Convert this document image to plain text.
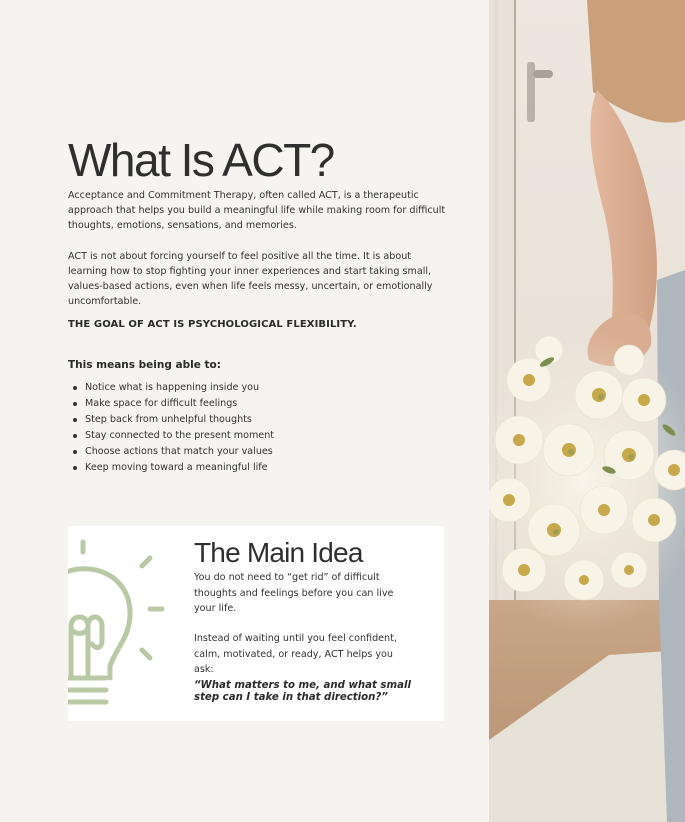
What Is ACT?

Acceptance and Commitment Therapy, often called ACT, is a therapeutic approach that helps you build a meaningful life while making room for difficult thoughts, emotions, sensations, and memories.

ACT is not about forcing yourself to feel positive all the time. It is about learning how to stop fighting your inner experiences and start taking small, values-based actions, even when life feels messy, uncertain, or emotionally uncomfortable.

THE GOAL OF ACT IS PSYCHOLOGICAL FLEXIBILITY.

This means being able to:

Notice what is happening inside you
Make space for difficult feelings
Step back from unhelpful thoughts
Stay connected to the present moment
Choose actions that match your values
Keep moving toward a meaningful life
The Main Idea

You do not need to “get rid” of difficult thoughts and feelings before you can live your life.

Instead of waiting until you feel confident, calm, motivated, or ready, ACT helps you ask:

“What matters to me, and what small step can I take in that direction?”
